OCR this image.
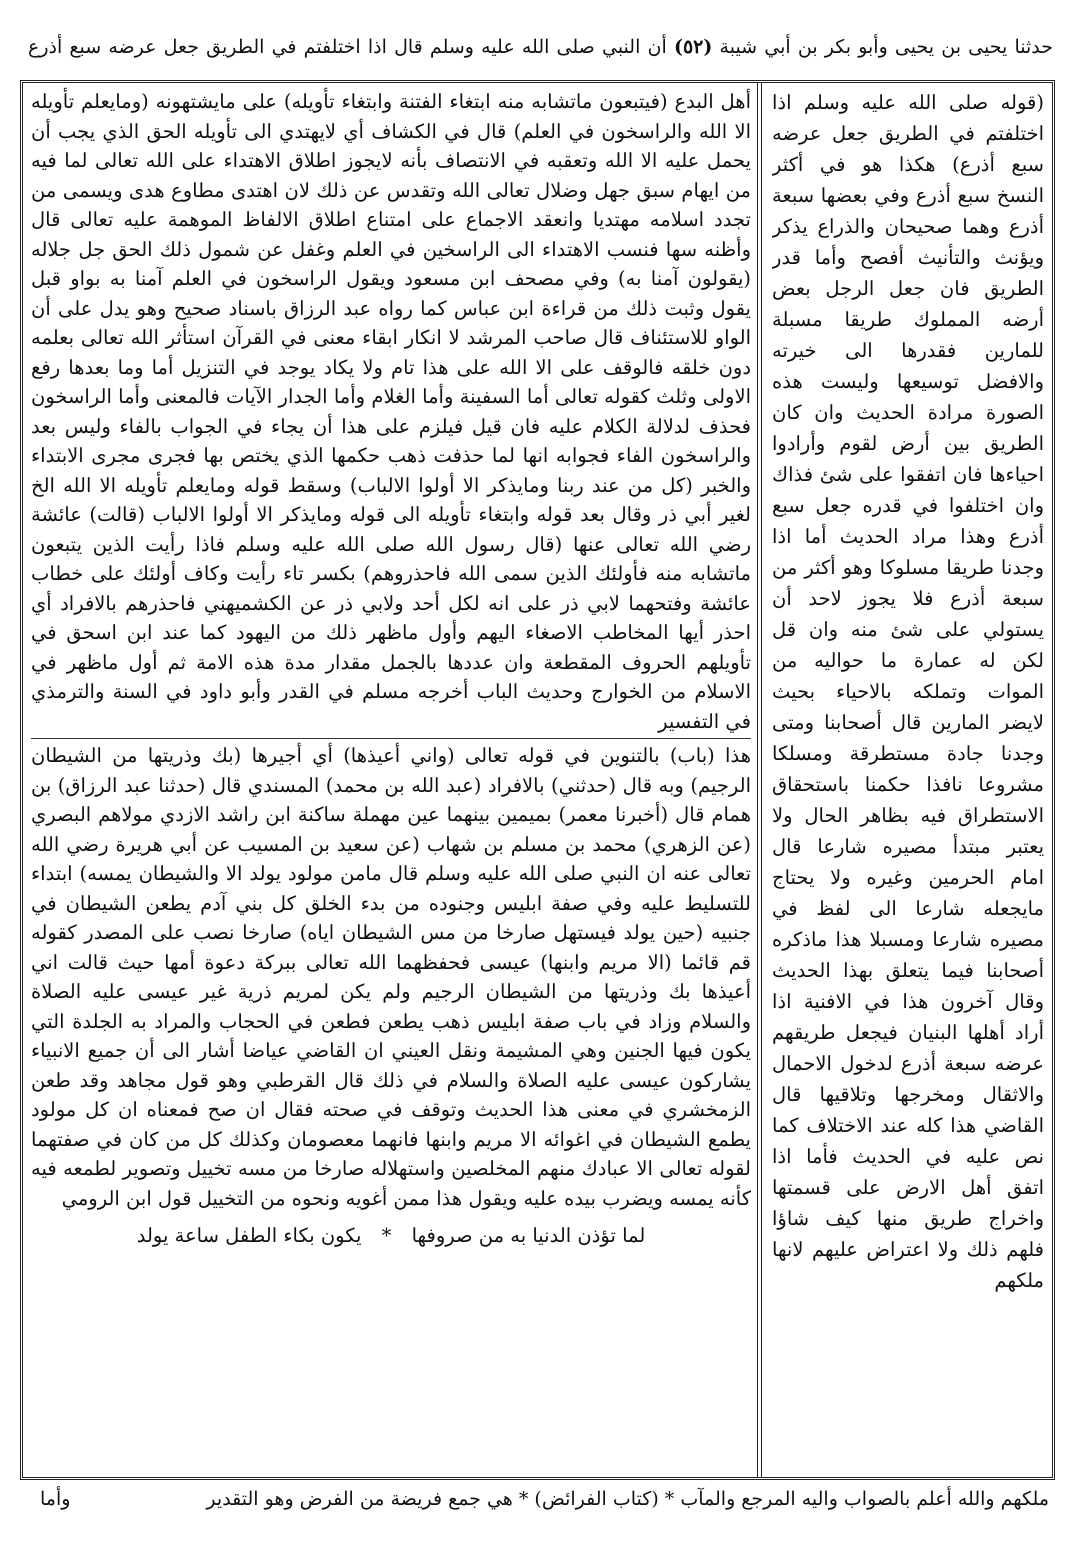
حدثنا يحيى بن يحيى وأبو بكر بن أبي شيبة (٥٢) أن النبي صلى الله عليه وسلم قال اذا اختلفتم في الطريق جعل عرضه سبع أذرع

(قوله صلى الله عليه وسلم اذا اختلفتم في الطريق جعل عرضه سبع أذرع) هكذا هو في أكثر النسخ سبع أذرع وفي بعضها سبعة أذرع وهما صحيحان والذراع يذكر ويؤنث والتأنيث أفصح وأما قدر الطريق فان جعل الرجل بعض أرضه المملوك طريقا مسبلة للمارين فقدرها الى خيرته والافضل توسيعها وليست هذه الصورة مرادة الحديث وان كان الطريق بين أرض لقوم وأرادوا احياءها فان اتفقوا على شئ فذاك وان اختلفوا في قدره جعل سبع أذرع وهذا مراد الحديث أما اذا وجدنا طريقا مسلوكا وهو أكثر من سبعة أذرع فلا يجوز لاحد أن يستولي على شئ منه وان قل لكن له عمارة ما حواليه من الموات وتملكه بالاحياء بحيث لايضر المارين قال أصحابنا ومتى وجدنا جادة مستطرقة ومسلكا مشروعا نافذا حكمنا باستحقاق الاستطراق فيه بظاهر الحال ولا يعتبر مبتدأ مصيره شارعا قال امام الحرمين وغيره ولا يحتاج مايجعله شارعا الى لفظ في مصيره شارعا ومسبلا هذا ماذكره أصحابنا فيما يتعلق بهذا الحديث وقال آخرون هذا في الافنية اذا أراد أهلها البنيان فيجعل طريقهم عرضه سبعة أذرع لدخول الاحمال والاثقال ومخرجها وتلاقيها قال القاضي هذا كله عند الاختلاف كما نص عليه في الحديث فأما اذا اتفق أهل الارض على قسمتها واخراج طريق منها كيف شاؤا فلهم ذلك ولا اعتراض عليهم لانها ملكهم

أهل البدع (فيتبعون ماتشابه منه ابتغاء الفتنة وابتغاء تأويله) على مايشتهونه (ومايعلم تأويله الا الله والراسخون في العلم) قال في الكشاف أي لايهتدي الى تأويله الحق الذي يجب أن يحمل عليه الا الله وتعقبه في الانتصاف بأنه لايجوز اطلاق الاهتداء على الله تعالى لما فيه من ايهام سبق جهل وضلال تعالى الله وتقدس عن ذلك لان اهتدى مطاوع هدى ويسمى من تجدد اسلامه مهتديا وانعقد الاجماع على امتناع اطلاق الالفاظ الموهمة عليه تعالى قال وأظنه سها فنسب الاهتداء الى الراسخين في العلم وغفل عن شمول ذلك الحق جل جلاله (يقولون آمنا به) وفي مصحف ابن مسعود ويقول الراسخون في العلم آمنا به بواو قبل يقول وثبت ذلك من قراءة ابن عباس كما رواه عبد الرزاق باسناد صحيح وهو يدل على أن الواو للاستئناف قال صاحب المرشد لا انكار ابقاء معنى في القرآن استأثر الله تعالى بعلمه دون خلقه فالوقف على الا الله على هذا تام ولا يكاد يوجد في التنزيل أما وما بعدها رفع الاولى وثلث كقوله تعالى أما السفينة وأما الغلام وأما الجدار الآيات فالمعنى وأما الراسخون فحذف لدلالة الكلام عليه فان قيل فيلزم على هذا أن يجاء في الجواب بالفاء وليس بعد والراسخون الفاء فجوابه انها لما حذفت ذهب حكمها الذي يختص بها فجرى مجرى الابتداء والخبر (كل من عند ربنا ومايذكر الا أولوا الالباب) وسقط قوله ومايعلم تأويله الا الله الخ لغير أبي ذر وقال بعد قوله وابتغاء تأويله الى قوله ومايذكر الا أولوا الالباب (قالت) عائشة رضي الله تعالى عنها (قال رسول الله صلى الله عليه وسلم فاذا رأيت الذين يتبعون ماتشابه منه فأولئك الذين سمى الله فاحذروهم) بكسر تاء رأيت وكاف أولئك على خطاب عائشة وفتحهما لابي ذر على انه لكل أحد ولابي ذر عن الكشميهني فاحذرهم بالافراد أي احذر أيها المخاطب الاصغاء اليهم وأول ماظهر ذلك من اليهود كما عند ابن اسحق في تأويلهم الحروف المقطعة وان عددها بالجمل مقدار مدة هذه الامة ثم أول ماظهر في الاسلام من الخوارج وحديث الباب أخرجه مسلم في القدر وأبو داود في السنة والترمذي في التفسير

هذا (باب) بالتنوين في قوله تعالى (واني أعيذها) أي أجيرها (بك وذريتها من الشيطان الرجيم) وبه قال (حدثني) بالافراد (عبد الله بن محمد) المسندي قال (حدثنا عبد الرزاق) بن همام قال (أخبرنا معمر) بميمين بينهما عين مهملة ساكنة ابن راشد الازدي مولاهم البصري (عن الزهري) محمد بن مسلم بن شهاب (عن سعيد بن المسيب عن أبي هريرة رضي الله تعالى عنه ان النبي صلى الله عليه وسلم قال مامن مولود يولد الا والشيطان يمسه) ابتداء للتسليط عليه وفي صفة ابليس وجنوده من بدء الخلق كل بني آدم يطعن الشيطان في جنبيه (حين يولد فيستهل صارخا من مس الشيطان اياه) صارخا نصب على المصدر كقوله قم قائما (الا مريم وابنها) عيسى فحفظهما الله تعالى ببركة دعوة أمها حيث قالت اني أعيذها بك وذريتها من الشيطان الرجيم ولم يكن لمريم ذرية غير عيسى عليه الصلاة والسلام وزاد في باب صفة ابليس ذهب يطعن فطعن في الحجاب والمراد به الجلدة التي يكون فيها الجنين وهي المشيمة ونقل العيني ان القاضي عياضا أشار الى أن جميع الانبياء يشاركون عيسى عليه الصلاة والسلام في ذلك قال القرطبي وهو قول مجاهد وقد طعن الزمخشري في معنى هذا الحديث وتوقف في صحته فقال ان صح فمعناه ان كل مولود يطمع الشيطان في اغوائه الا مريم وابنها فانهما معصومان وكذلك كل من كان في صفتهما لقوله تعالى الا عبادك منهم المخلصين واستهلاله صارخا من مسه تخييل وتصوير لطمعه فيه كأنه يمسه ويضرب بيده عليه ويقول هذا ممن أغويه ونحوه من التخييل قول ابن الرومي

لما تؤذن الدنيا به من صروفها * يكون بكاء الطفل ساعة يولد
ملكهم والله أعلم بالصواب واليه المرجع والمآب * (كتاب الفرائض) * هي جمع فريضة من الفرض وهو التقدير
وأما
